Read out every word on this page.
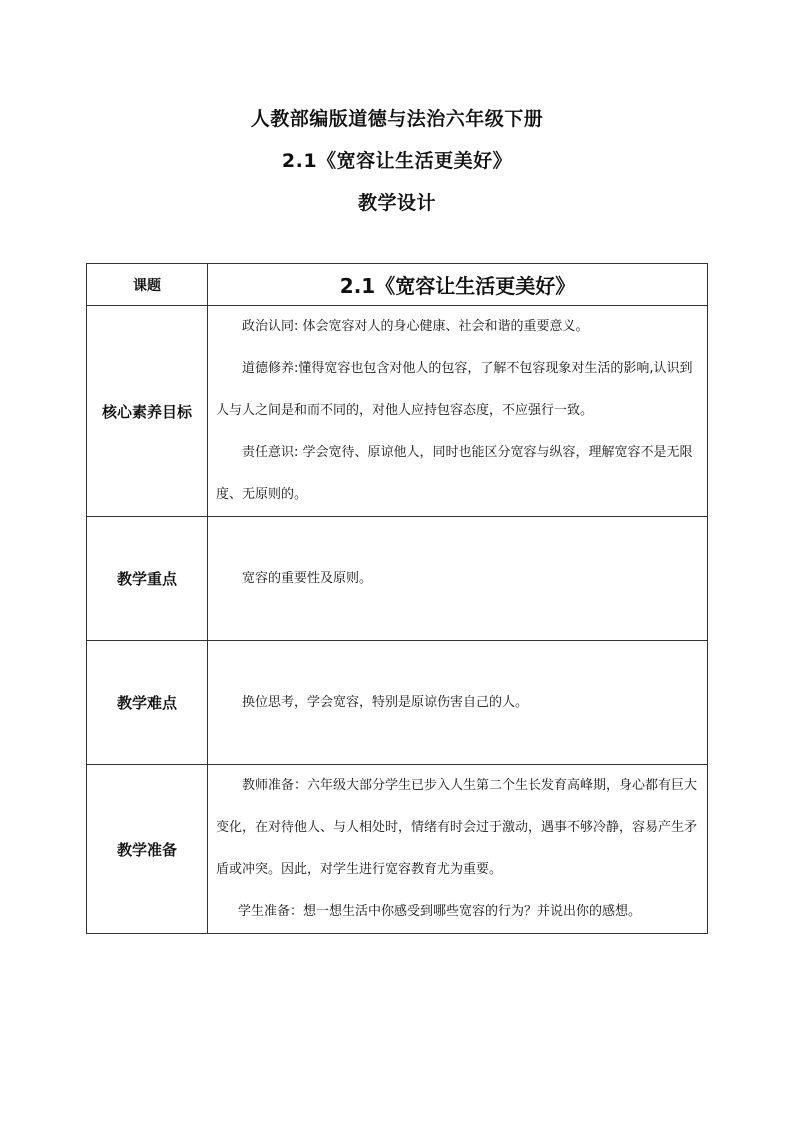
人教部编版道德与法治六年级下册
2.1《宽容让生活更美好》
教学设计
课题	2.1《宽容让生活更美好》
核心素养目标	政治认同: 体会宽容对人的身心健康、社会和谐的重要意义。

道德修养:懂得宽容也包含对他人的包容，了解不包容现象对生活的影响,认识到人与人之间是和而不同的，对他人应持包容态度，不应强行一致。

责任意识: 学会宽待、原谅他人，同时也能区分宽容与纵容，理解宽容不是无限度、无原则的。

教学重点	宽容的重要性及原则。

教学难点	换位思考，学会宽容，特别是原谅伤害自己的人。

教学准备	教师准备：六年级大部分学生已步入人生第二个生长发育高峰期，身心都有巨大变化，在对待他人、与人相处时，情绪有时会过于激动，遇事不够冷静，容易产生矛盾或冲突。因此，对学生进行宽容教育尤为重要。

学生准备：想一想生活中你感受到哪些宽容的行为？并说出你的感想。
